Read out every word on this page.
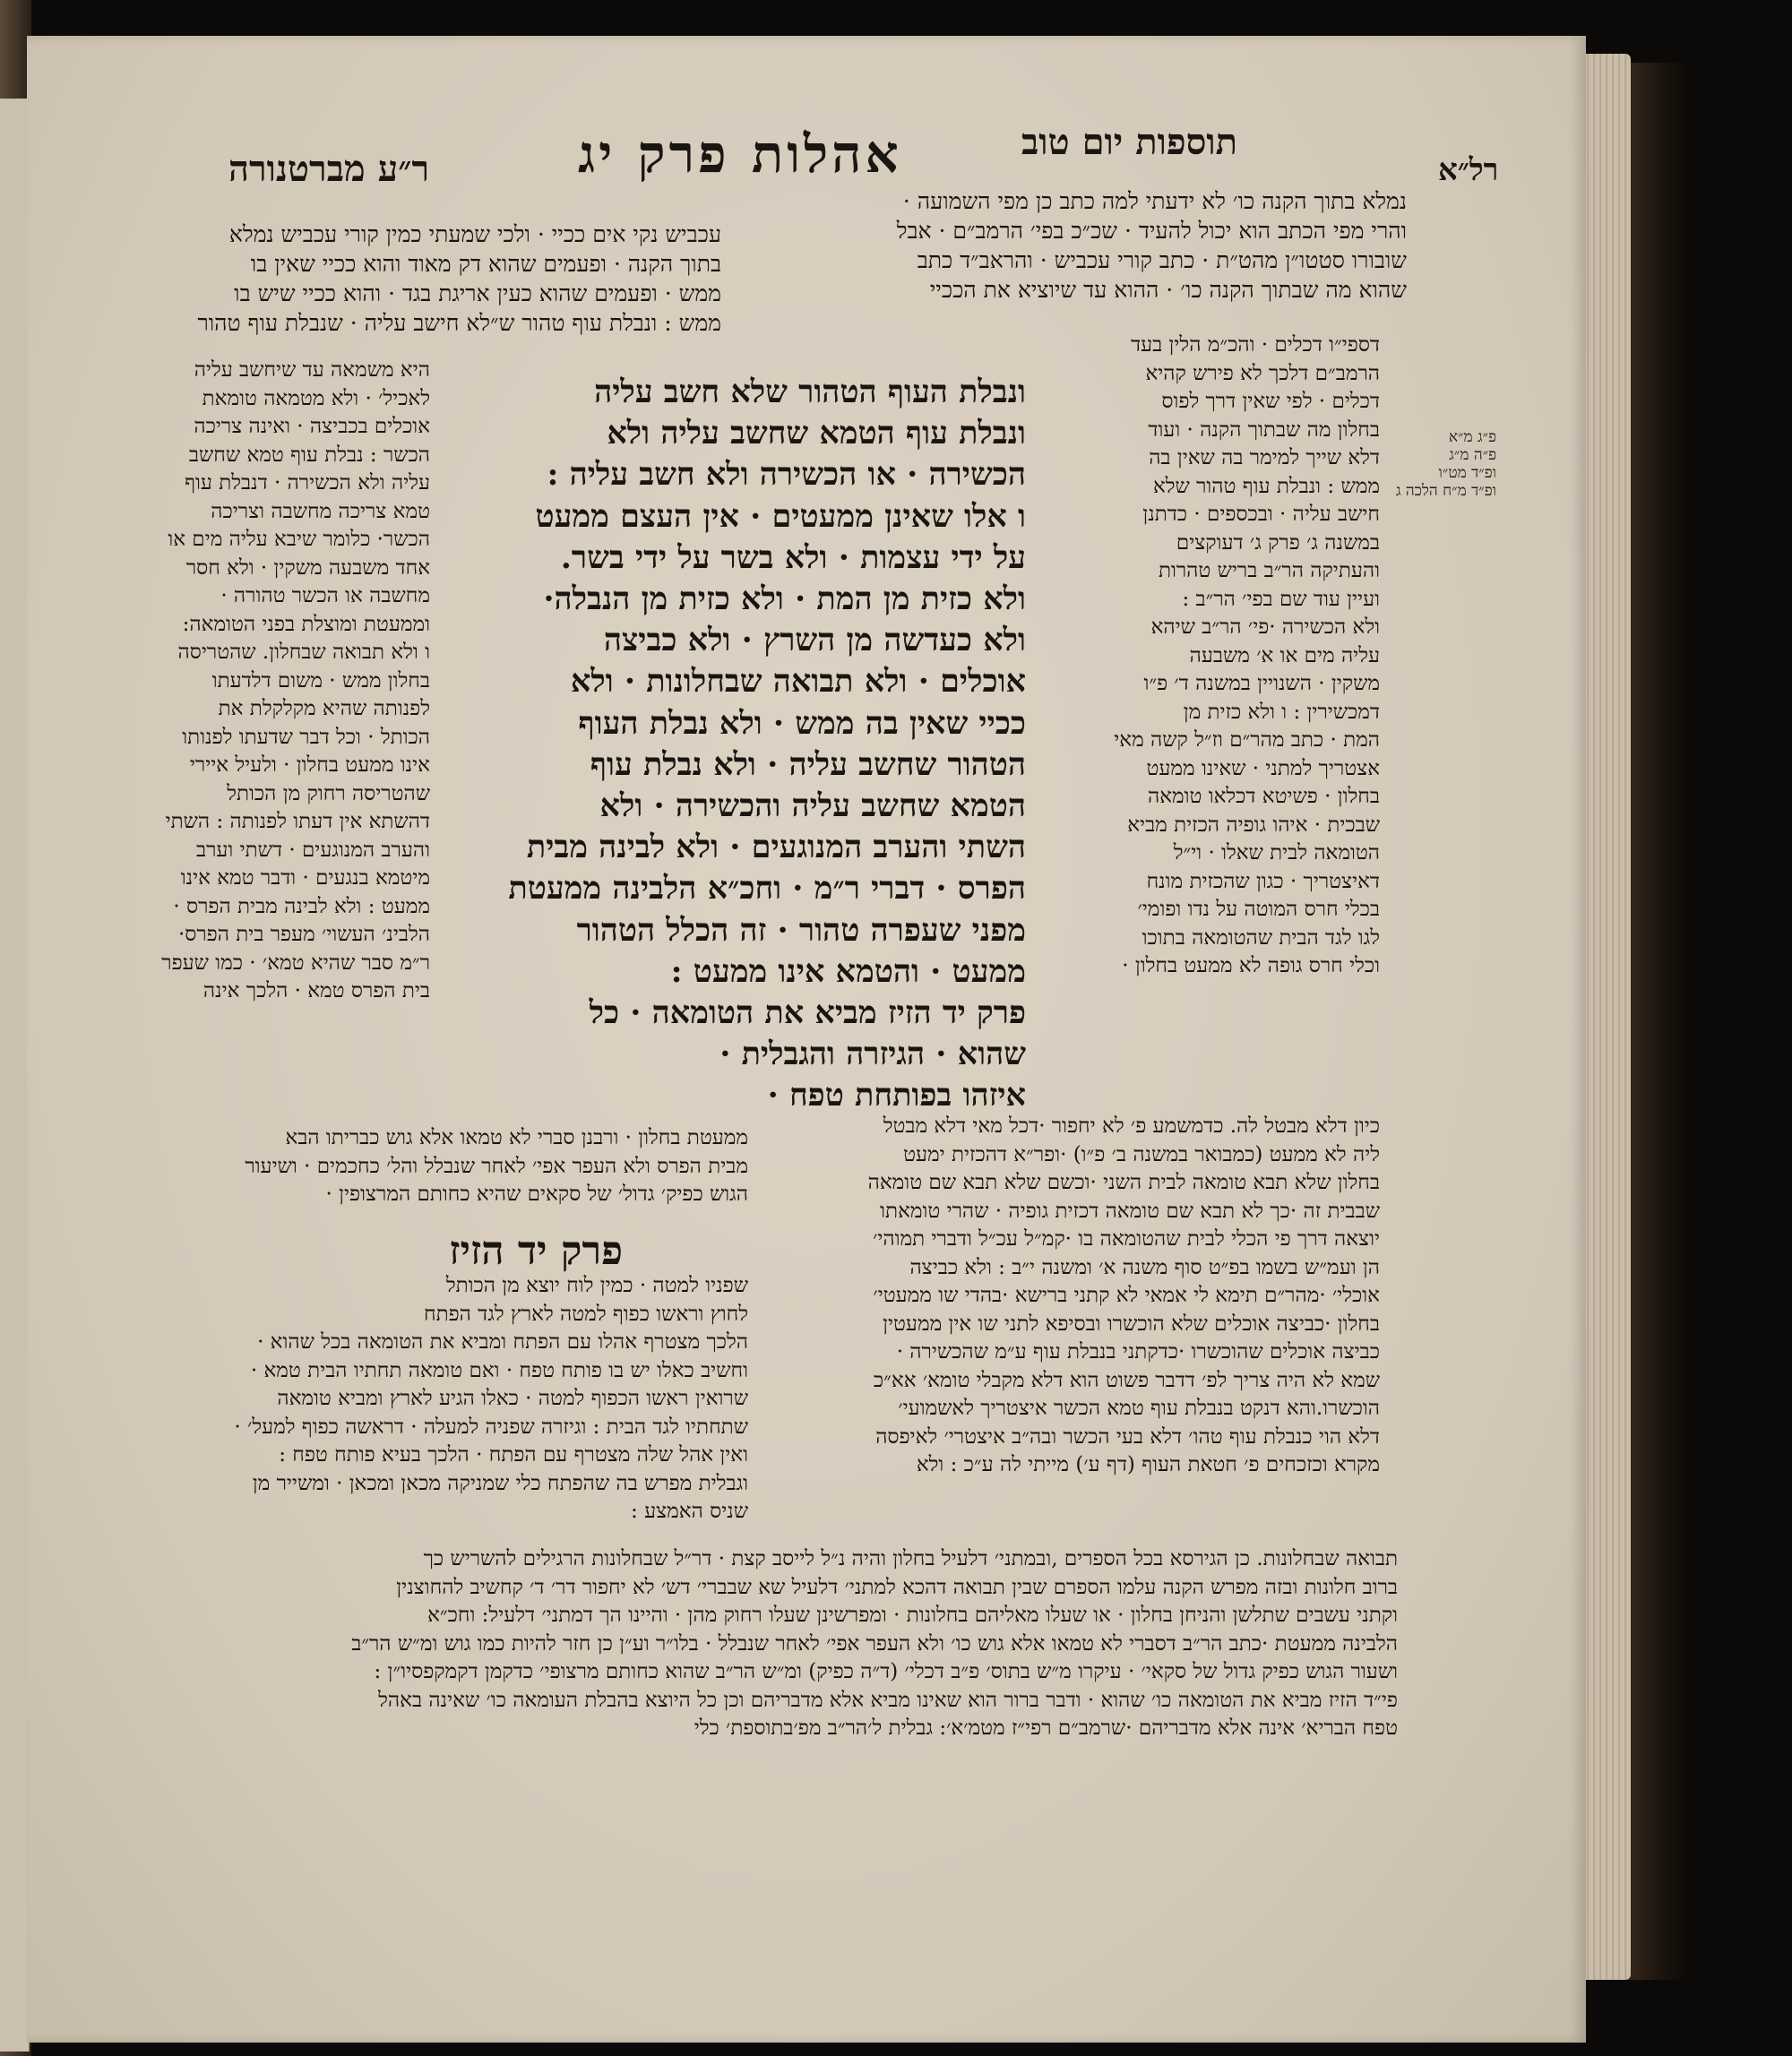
רל״א
תוספות יום טוב
אהלות פרק יג
ר״ע מברטנורה
נמלא בתוך הקנה כו׳ לא ידעתי למה כתב כן מפי השמועה ·
והרי מפי הכתב הוא יכול להעיד · שכ״כ בפי׳ הרמב״ם · אבל
שובורו סטטו״ן מהט״ת · כתב קורי עכביש · והראב״ד כתב
שהוא מה שבתוך הקנה כו׳ · ההוא עד שיוציא את הככיי
עכביש נקי אים ככיי · ולכי שמעתי כמין קורי עכביש נמלא
בתוך הקנה · ופעמים שהוא דק מאוד והוא ככיי שאין בו
ממש · ופעמים שהוא כעין אריגת בגד · והוא ככיי שיש בו
ממש : ונבלת עוף טהור ש״לא חישב עליה · שנבלת עוף טהור
דספי״ו דכלים · והכ״מ הלין בעד
הרמב״ם דלכך לא פירש קהיא
דכלים · לפי שאין דרך לפוס
בחלון מה שבתוך הקנה · ועוד
דלא שייך למימר בה שאין בה
ממש : ונבלת עוף טהור שלא
חישב עליה · ובכספים · כדתנן
במשנה ג׳ פרק ג׳ דעוקצים
והעתיקה הר״ב בריש טהרות
ועיין עוד שם בפי׳ הר״ב :
ולא הכשירה ·פי׳ הר״ב שיהא
עליה מים או א׳ משבעה
משקין · השנויין במשנה ד׳ פ״ו
דמכשירין : ו ולא כזית מן
המת · כתב מהר״ם וז״ל קשה מאי
אצטריך למתני · שאינו ממעט
בחלון · פשיטא דכלאו טומאה
שבכית · איהו גופיה הכזית מביא
הטומאה לבית שאלו · וי״ל
דאיצטריך · כגון שהכזית מונח
בכלי חרס המוטה על נדו ופומי׳
לגו לגד הבית שהטומאה בתוכו
וכלי חרס גופה לא ממעט בחלון ·
פ״ג מ״א
פ״ה מ״ג
ופ״ד מט״ו
ופ״ד מ״ח הלכה ג
היא משמאה עד שיחשב עליה
לאכיל׳ · ולא מטמאה טומאת
אוכלים בכביצה · ואינה צריכה
הכשר : נבלת עוף טמא שחשב
עליה ולא הכשירה · דנבלת עוף
טמא צריכה מחשבה וצריכה
הכשר· כלומר שיבא עליה מים או
אחד משבעה משקין · ולא חסר
מחשבה או הכשר טהורה ·
וממעטת ומוצלת בפני הטומאה:
ו ולא תבואה שבחלון. שהטריסה
בחלון ממש · משום דלדעתו
לפנותה שהיא מקלקלת את
הכותל · וכל דבר שדעתו לפנותו
אינו ממעט בחלון · ולעיל איירי
שהטריסה רחוק מן הכותל
דהשתא אין דעתו לפנותה : השתי
והערב המנוגעים · דשתי וערב
מיטמא בנגעים · ודבר טמא אינו
ממעט : ולא לבינה מבית הפרס ·
הלבינ׳ העשוי׳ מעפר בית הפרס·
ר״מ סבר שהיא טמא׳ · כמו שעפר
בית הפרס טמא · הלכך אינה
ונבלת העוף הטהור שלא חשב עליה
ונבלת עוף הטמא שחשב עליה ולא
הכשירה · או הכשירה ולא חשב עליה :
ו אלו שאינן ממעטים · אין העצם ממעט
על ידי עצמות · ולא בשר על ידי בשר.
ולא כזית מן המת · ולא כזית מן הנבלה·
ולא כעדשה מן השרץ · ולא כביצה
אוכלים · ולא תבואה שבחלונות · ולא
ככיי שאין בה ממש · ולא נבלת העוף
הטהור שחשב עליה · ולא נבלת עוף
הטמא שחשב עליה והכשירה · ולא
השתי והערב המנוגעים · ולא לבינה מבית
הפרס · דברי ר״מ · וחכ״א הלבינה ממעטת
מפני שעפרה טהור · זה הכלל הטהור
ממעט · והטמא אינו ממעט :
פרק יד הזיז מביא את הטומאה · כל
שהוא · הגיזרה והגבלית ·
איזהו בפותחת טפח ·
כיון דלא מבטל לה. כדמשמע פ׳ לא יחפור ·דכל מאי דלא מבטל
ליה לא ממעט (כמבואר במשנה ב׳ פ״ו) ·ופר״א דהכזית ימעט
בחלון שלא תבא טומאה לבית השני ·וכשם שלא תבא שם טומאה
שבבית זה ·כך לא תבא שם טומאה דכזית גופיה · שהרי טומאתו
יוצאה דרך פי הכלי לבית שהטומאה בו ·קמ״ל עכ״ל ודברי תמוהי׳
הן ועמ״ש בשמו בפ״ט סוף משנה א׳ ומשנה י״ב : ולא כביצה
אוכלי׳ ·מהר״ם תימא לי אמאי לא קתני ברישא ·בהדי שו ממעטי׳
בחלון ·כביצה אוכלים שלא הוכשרו ובסיפא לתני שו אין ממעטין
כביצה אוכלים שהוכשרו ·כדקתני בנבלת עוף ע״מ שהכשירה ·
שמא לא היה צריך לפ׳ דדבר פשוט הוא דלא מקבלי טומא׳ אא״כ
הוכשרו.והא דנקט בנבלת עוף טמא הכשר איצטריך לאשמועי׳
דלא הוי כנבלת עוף טהו׳ דלא בעי הכשר ובה״ב איצטרי׳ לאיפסה
מקרא וכזכחים פ׳ חטאת העוף (דף ע׳) מייתי לה ע״כ : ולא
ממעטת בחלון · ורבנן סברי לא טמאו אלא גוש כבריתו הבא
מבית הפרס ולא העפר אפי׳ לאחר שנבלל והל׳ כחכמים · ושיעור
הגוש כפיק׳ גדול׳ של סקאים שהיא כחותם המרצופין ·
פרק יד הזיז
שפניו למטה · כמין לוח יוצא מן הכותל
לחוץ וראשו כפוף למטה לארץ לגד הפתח
הלכך מצטרף אהלו עם הפתח ומביא את הטומאה בכל שהוא ·
וחשיב כאלו יש בו פותח טפח · ואם טומאה תחתיו הבית טמא ·
שרואין ראשו הכפוף למטה · כאלו הגיע לארץ ומביא טומאה
שתחתיו לגד הבית : וגיזרה שפניה למעלה · דראשה כפוף למעל׳ ·
ואין אהל שלה מצטרף עם הפתח · הלכך בעיא פותח טפח :
וגבלית מפרש בה שהפתח כלי שמניקה מכאן ומכאן · ומשייר מן
שניס האמצע :
תבואה שבחלונות. כן הגירסא בכל הספרים ,ובמתני׳ דלעיל בחלון והיה נ״ל לייסב קצת · דר״ל שבחלונות הרגילים להשריש כך
ברוב חלונות ובזה מפרש הקנה עלמו הספרם שבין תבואה דהכא למתני׳ דלעיל שא שבברי׳ דש׳ לא יחפור דר׳ ד׳ קחשיב להחוצנין
וקתני עשבים שתלשן והניחן בחלון · או שעלו מאליהם בחלונות · ומפרשינן שעלו רחוק מהן · והיינו הך דמתני׳ דלעיל: וחכ״א
הלבינה ממעטת ·כתב הר״ב דסברי לא טמאו אלא גוש כו׳ ולא העפר אפי׳ לאחר שנבלל · בלו״ר וע״ן כן חזר להיות כמו גוש ומ״ש הר״ב
ושעור הגוש כפיק גדול של סקאי׳ · עיקרו מ״ש בתוס׳ פ״ב דכלי׳ (ד״ה כפיק) ומ״ש הר״ב שהוא כחותם מרצופי׳ כדקמן דקמקפסיו״ן :
פי״ד הזיז מביא את הטומאה כו׳ שהוא · ודבר ברור הוא שאינו מביא אלא מדבריהם וכן כל היוצא בהבלת העומאה כו׳ שאינה באהל
טפח הבריא׳ אינה אלא מדבריהם ·שרמב״ם רפי״ז מטמ׳א׳: גבלית ל׳הר״ב מפ׳בתוספת׳ כלי
